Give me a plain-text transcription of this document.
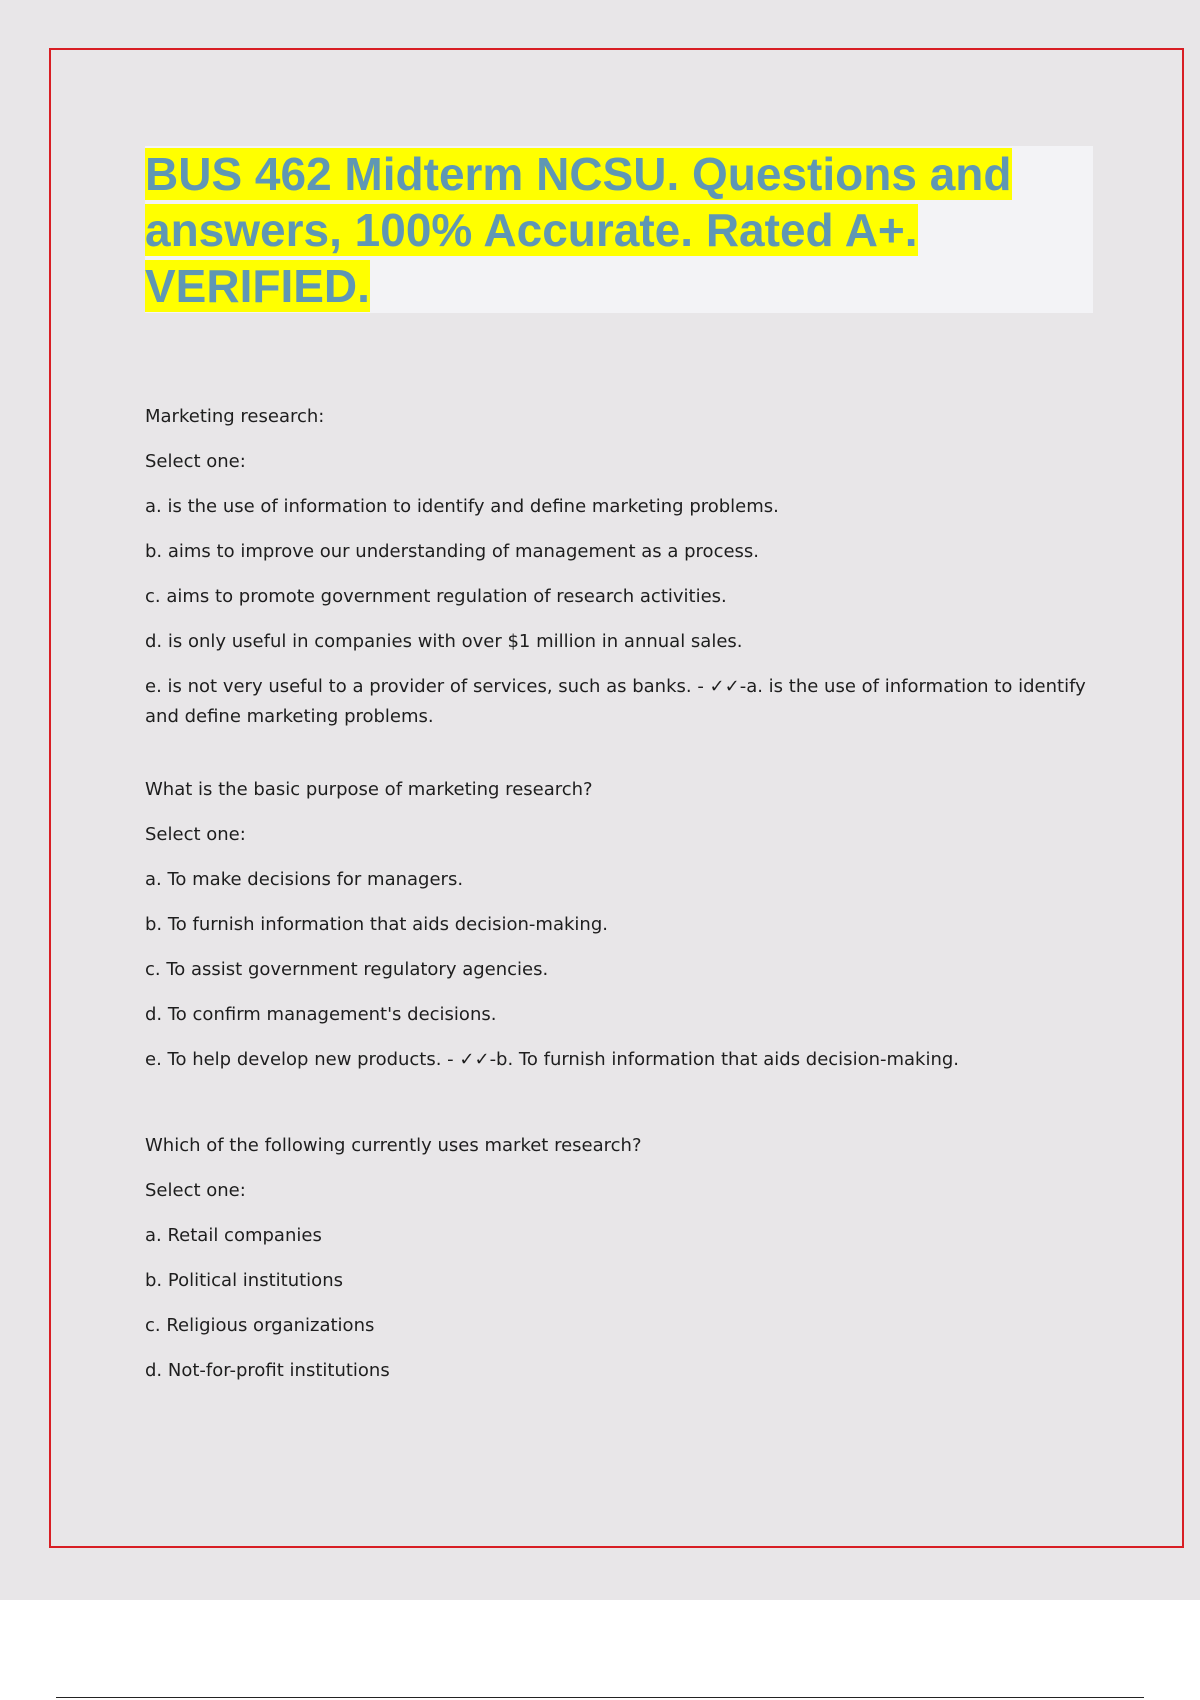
BUS 462 Midterm NCSU. Questions and
answers, 100% Accurate. Rated A+.
VERIFIED.

Marketing research:

Select one:

a. is the use of information to identify and define marketing problems.

b. aims to improve our understanding of management as a process.

c. aims to promote government regulation of research activities.

d. is only useful in companies with over $1 million in annual sales.

e. is not very useful to a provider of services, such as banks. - ✓✓-a. is the use of information to identify and define marketing problems.

What is the basic purpose of marketing research?

Select one:

a. To make decisions for managers.

b. To furnish information that aids decision-making.

c. To assist government regulatory agencies.

d. To confirm management's decisions.

e. To help develop new products. - ✓✓-b. To furnish information that aids decision-making.

Which of the following currently uses market research?

Select one:

a. Retail companies

b. Political institutions

c. Religious organizations

d. Not-for-profit institutions
